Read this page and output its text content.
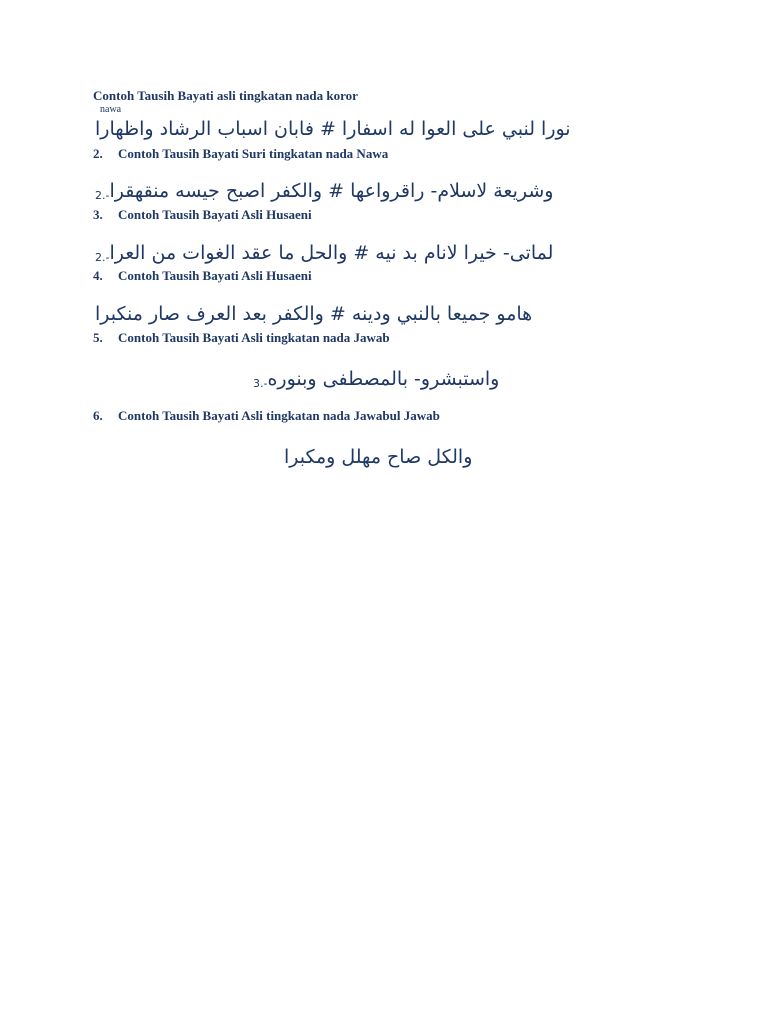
Contoh Tausih Bayati asli tingkatan nada koror
nawa
نورا لنبي على العوا له اسفارا # فابان اسباب الرشاد واظهارا
2. Contoh Tausih Bayati Suri tingkatan nada Nawa
2.-وشريعة لاسلام- راقرواعها # والكفر اصبح جيسه منقهقرا
3. Contoh Tausih Bayati Asli Husaeni
2.-لماتى- خيرا لانام بد نيه # والحل ما عقد الغوات من العرا
4. Contoh Tausih Bayati Asli Husaeni
هامو جميعا بالنبي ودينه # والكفر بعد العرف صار منكبرا
5. Contoh Tausih Bayati Asli tingkatan nada Jawab
3.-واستبشرو- بالمصطفى وبنوره
6. Contoh Tausih Bayati Asli tingkatan nada Jawabul Jawab
والكل صاح مهلل ومكبرا
